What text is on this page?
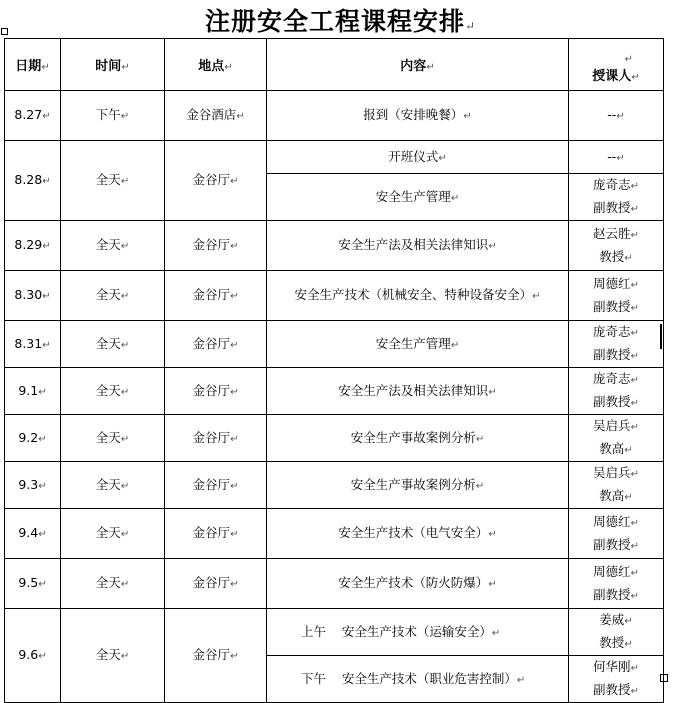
注册安全工程课程安排↵
日期↵	时间↵	地点↵	内容↵	↵
授课人↵
8.27↵	下午↵	金谷酒店↵	报到（安排晚餐）↵	--↵

8.28↵	全天↵	金谷厅↵	开班仪式↵	--↵

			安全生产管理↵	庞奇志↵
副教授↵

8.29↵	全天↵	金谷厅↵	安全生产法及相关法律知识↵	赵云胜↵
教授↵

8.30↵	全天↵	金谷厅↵	安全生产技术（机械安全、特种设备安全）↵	周德红↵
副教授↵

8.31↵	全天↵	金谷厅↵	安全生产管理↵	庞奇志↵
副教授↵

9.1↵	全天↵	金谷厅↵	安全生产法及相关法律知识↵	庞奇志↵
副教授↵

9.2↵	全天↵	金谷厅↵	安全生产事故案例分析↵	吴启兵↵
教高↵

9.3↵	全天↵	金谷厅↵	安全生产事故案例分析↵	吴启兵↵
教高↵

9.4↵	全天↵	金谷厅↵	安全生产技术（电气安全）↵	周德红↵
副教授↵

9.5↵	全天↵	金谷厅↵	安全生产技术（防火防爆）↵	周德红↵
副教授↵

9.6↵	全天↵	金谷厅↵	上午    安全生产技术（运输安全）↵	姜威↵
教授↵

			下午    安全生产技术（职业危害控制）↵	何华刚↵
副教授↵
